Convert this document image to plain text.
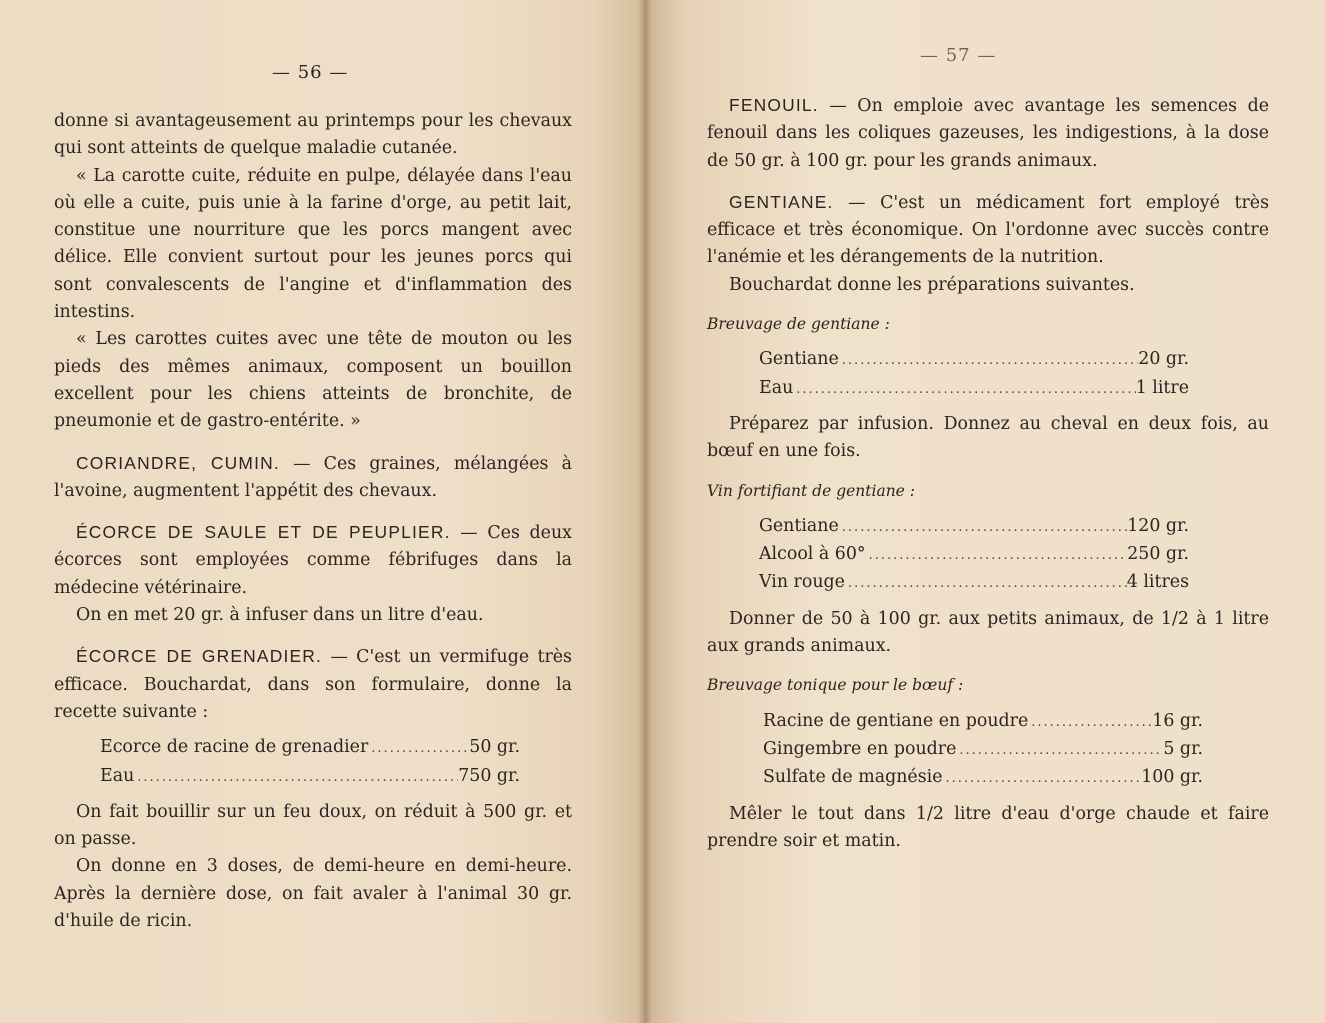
— 56 —

donne si avantageusement au printemps pour les chevaux qui sont atteints de quelque maladie cutanée.

« La carotte cuite, réduite en pulpe, délayée dans l'eau où elle a cuite, puis unie à la farine d'orge, au petit lait, constitue une nourriture que les porcs mangent avec délice. Elle convient surtout pour les jeunes porcs qui sont convalescents de l'angine et d'inflammation des intestins.

« Les carottes cuites avec une tête de mouton ou les pieds des mêmes animaux, composent un bouillon excellent pour les chiens atteints de bronchite, de pneumonie et de gastro-entérite. »

CORIANDRE, CUMIN. — Ces graines, mélangées à l'avoine, augmentent l'appétit des chevaux.

ÉCORCE DE SAULE ET DE PEUPLIER. — Ces deux écorces sont employées comme fébrifuges dans la médecine vétérinaire.

On en met 20 gr. à infuser dans un litre d'eau.

ÉCORCE DE GRENADIER. — C'est un vermifuge très efficace. Bouchardat, dans son formulaire, donne la recette suivante :

Ecorce de racine de grenadier .....	50 gr.
Eau .....	750 gr.

On fait bouillir sur un feu doux, on réduit à 500 gr. et on passe.

On donne en 3 doses, de demi-heure en demi-heure. Après la dernière dose, on fait avaler à l'animal 30 gr. d'huile de ricin.

— 57 —

FENOUIL. — On emploie avec avantage les semences de fenouil dans les coliques gazeuses, les indigestions, à la dose de 50 gr. à 100 gr. pour les grands animaux.

GENTIANE. — C'est un médicament fort employé très efficace et très économique. On l'ordonne avec succès contre l'anémie et les dérangements de la nutrition.

Bouchardat donne les préparations suivantes.

Breuvage de gentiane :

Gentiane .....	20 gr.
Eau .....	1 litre

Préparez par infusion. Donnez au cheval en deux fois, au bœuf en une fois.

Vin fortifiant de gentiane :

Gentiane .....	120 gr.
Alcool à 60° .....	250 gr.
Vin rouge .....	4 litres

Donner de 50 à 100 gr. aux petits animaux, de 1/2 à 1 litre aux grands animaux.

Breuvage tonique pour le bœuf :

Racine de gentiane en poudre .....	16 gr.
Gingembre en poudre .....	5 gr.
Sulfate de magnésie .....	100 gr.

Mêler le tout dans 1/2 litre d'eau d'orge chaude et faire prendre soir et matin.
